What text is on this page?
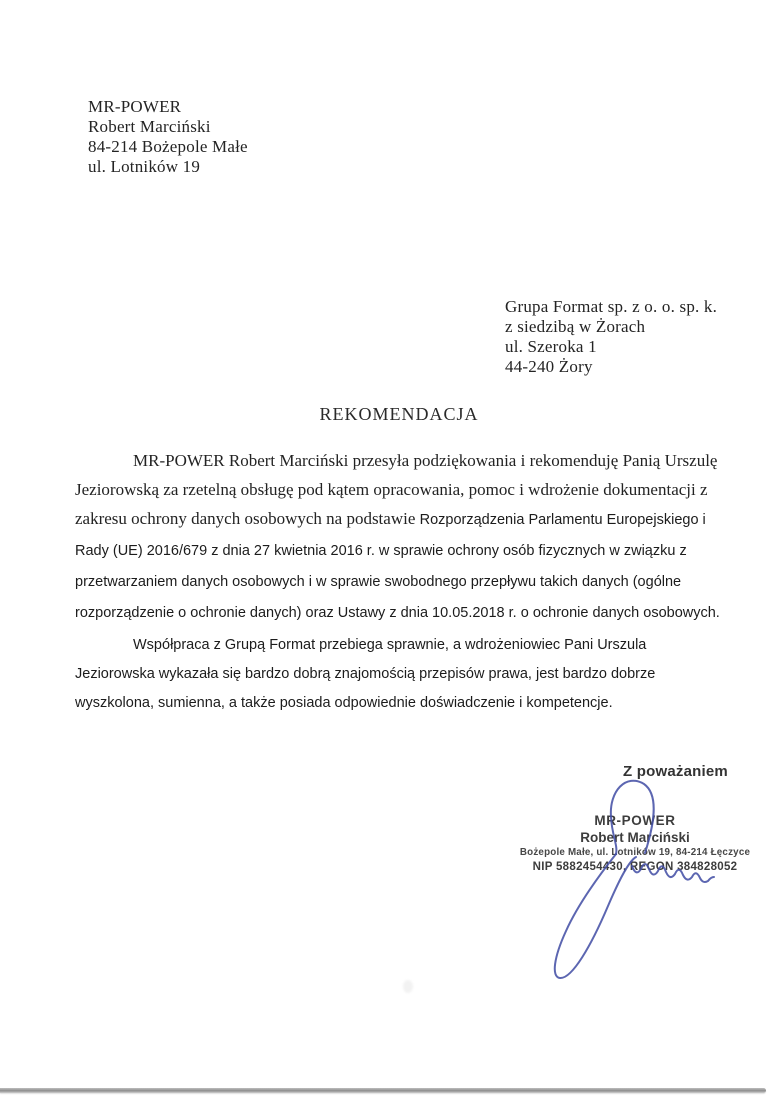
MR-POWER
Robert Marciński
84-214 Bożepole Małe
ul. Lotników 19
Grupa Format sp. z o. o. sp. k.
z siedzibą w Żorach
ul. Szeroka 1
44-240 Żory
REKOMENDACJA

MR-POWER Robert Marciński przesyła podziękowania i rekomenduję Panią Urszulę Jeziorowską za rzetelną obsługę pod kątem opracowania, pomoc i wdrożenie dokumentacji z zakresu ochrony danych osobowych na podstawie Rozporządzenia Parlamentu Europejskiego i Rady (UE) 2016/679 z dnia 27 kwietnia 2016 r. w sprawie ochrony osób fizycznych w związku z przetwarzaniem danych osobowych i w sprawie swobodnego przepływu takich danych (ogólne rozporządzenie o ochronie danych) oraz Ustawy z dnia 10.05.2018 r. o ochronie danych osobowych.

Współpraca z Grupą Format przebiega sprawnie, a wdrożeniowiec Pani Urszula Jeziorowska wykazała się bardzo dobrą znajomością przepisów prawa, jest bardzo dobrze wyszkolona, sumienna, a także posiada odpowiednie doświadczenie i kompetencje.

Z poważaniem
MR-POWER
Robert Marciński
Bożepole Małe, ul. Lotników 19, 84-214 Łęczyce
NIP 5882454430, REGON 384828052
